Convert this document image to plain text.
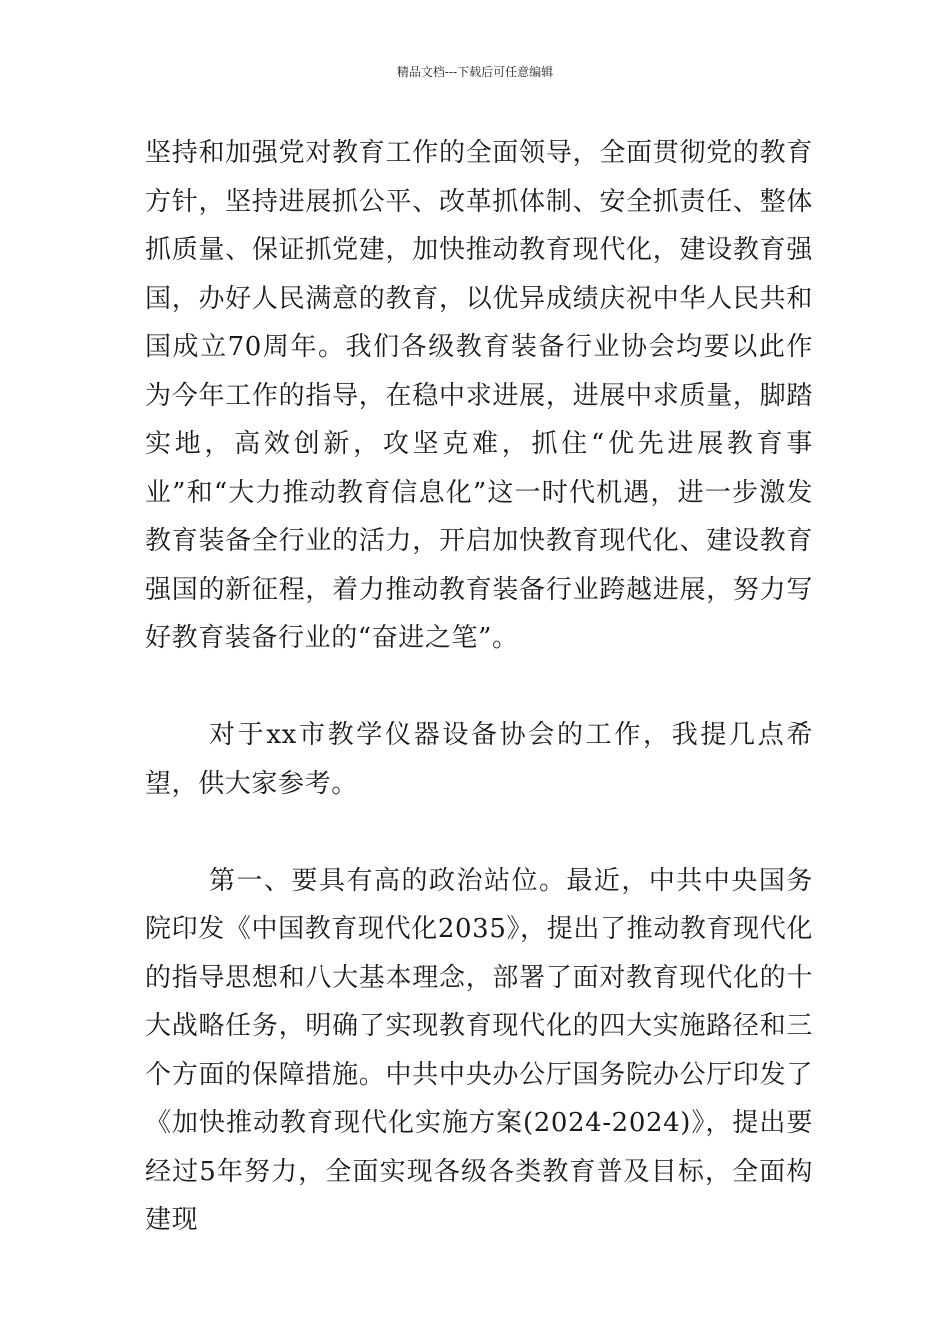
精品文档---下载后可任意编辑

坚持和加强党对教育工作的全面领导，全面贯彻党的教育方针，坚持进展抓公平、改革抓体制、安全抓责任、整体抓质量、保证抓党建，加快推动教育现代化，建设教育强国，办好人民满意的教育，以优异成绩庆祝中华人民共和国成立70周年。我们各级教育装备行业协会均要以此作为今年工作的指导，在稳中求进展，进展中求质量，脚踏实地，高效创新，攻坚克难，抓住“优先进展教育事业”和“大力推动教育信息化”这一时代机遇，进一步激发教育装备全行业的活力，开启加快教育现代化、建设教育强国的新征程，着力推动教育装备行业跨越进展，努力写好教育装备行业的“奋进之笔”。

对于xx市教学仪器设备协会的工作，我提几点希望，供大家参考。

第一、要具有高的政治站位。最近，中共中央国务院印发《中国教育现代化2035》，提出了推动教育现代化的指导思想和八大基本理念，部署了面对教育现代化的十大战略任务，明确了实现教育现代化的四大实施路径和三个方面的保障措施。中共中央办公厅国务院办公厅印发了《加快推动教育现代化实施方案(2024-2024)》，提出要经过5年努力，全面实现各级各类教育普及目标，全面构建现
